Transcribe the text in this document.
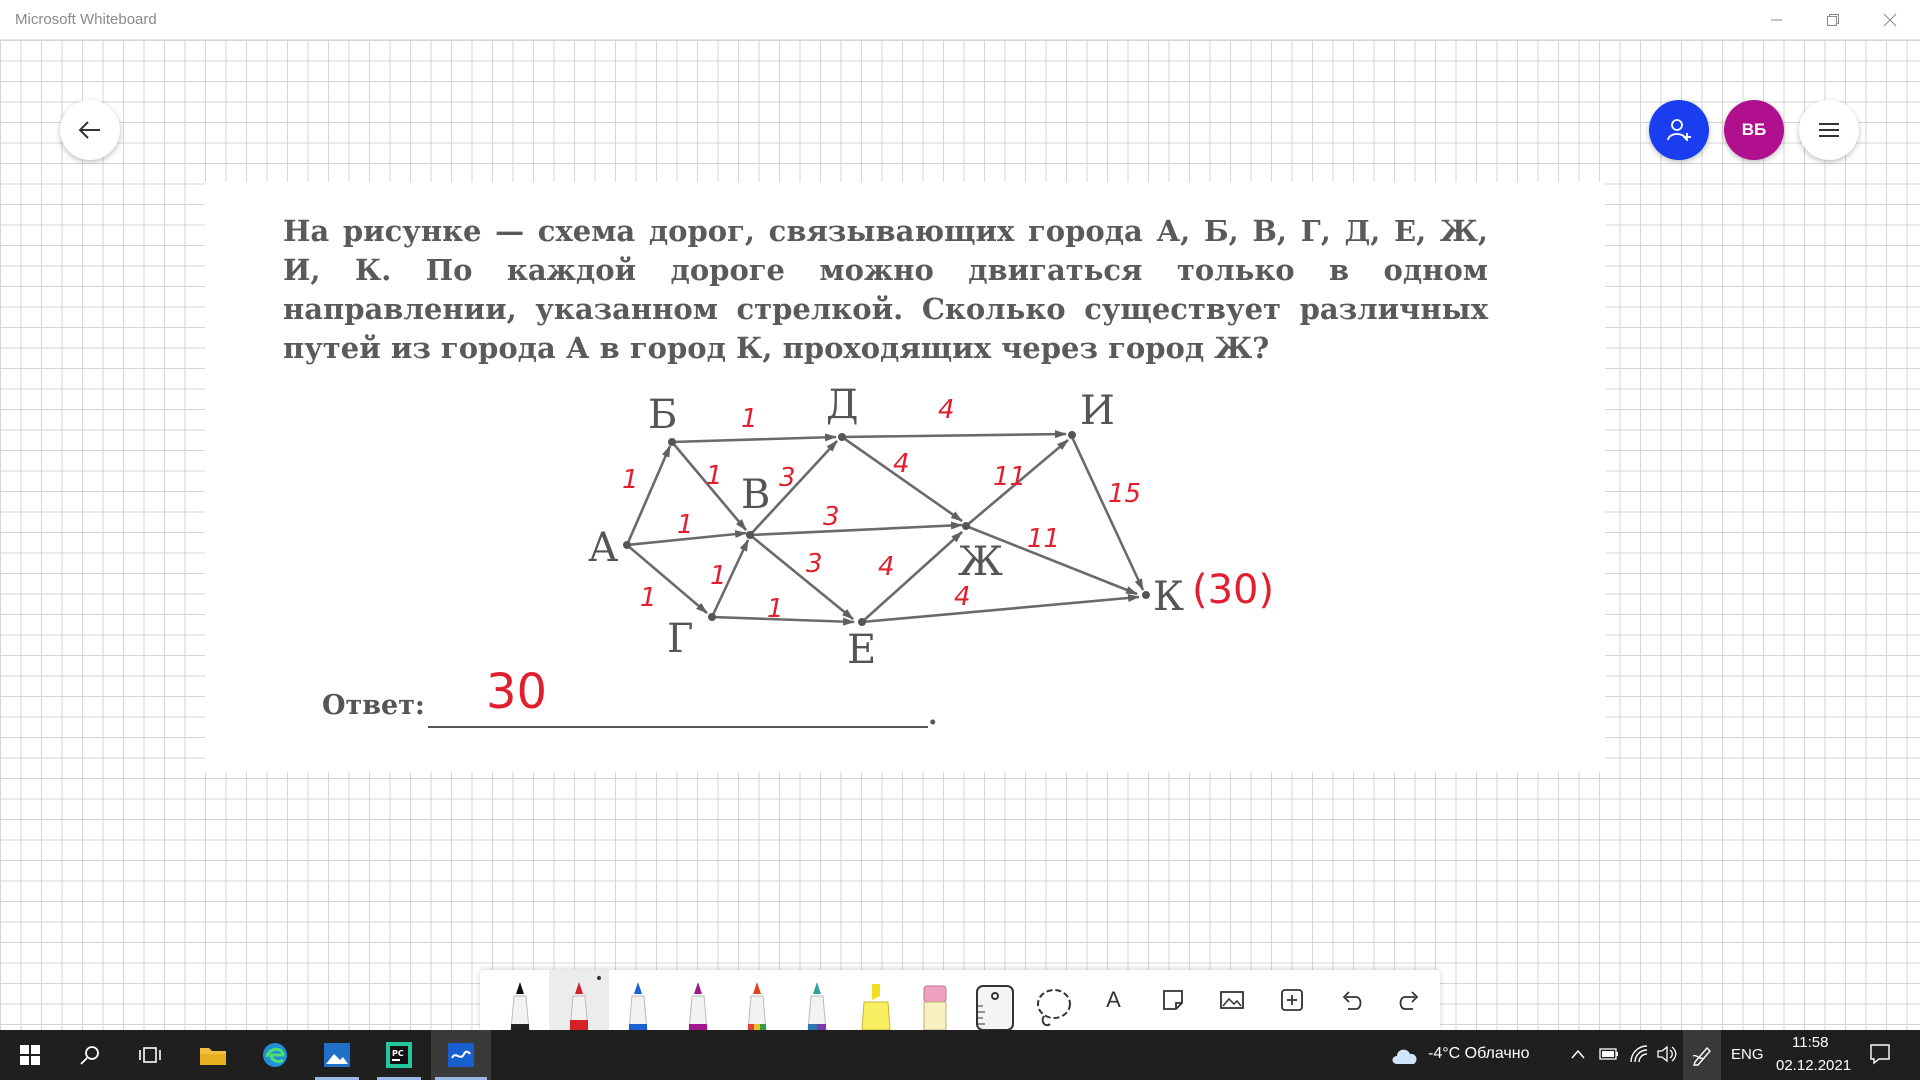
Microsoft Whiteboard
ВБ
На рисунке — схема дорог, связывающих города А, Б, В, Г, Д, Е, Ж, И, К. По каждой дороге можно двигаться только в одном направлении, указанном стрелкой. Сколько существует различных путей из города А в город К, проходящих через город Ж?
А
Б
В
Г
Д
Е
Ж
И
К
1
1
1
1
3
4
4
3
1
1
3 4
1	4
11
11
15
(30)
Ответ:	.
30
A
PC	-4°C Облачно	ENG
11:58
02.12.2021
